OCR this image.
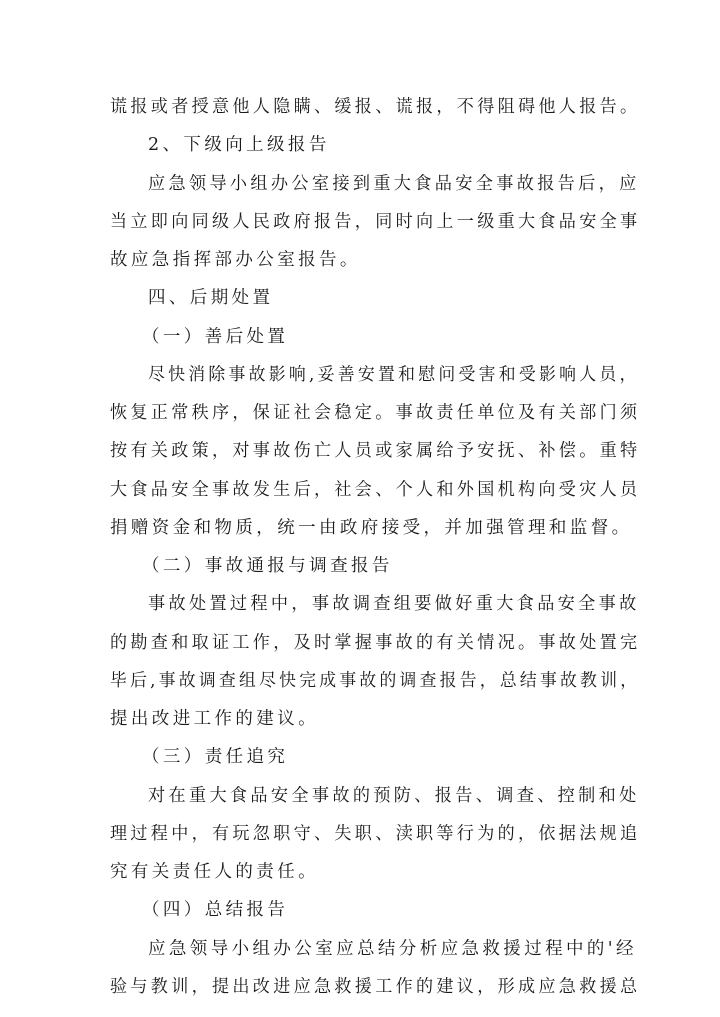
谎报或者授意他人隐瞒、缓报、谎报，不得阻碍他人报告。
2、下级向上级报告
应急领导小组办公室接到重大食品安全事故报告后，应
当立即向同级人民政府报告，同时向上一级重大食品安全事
故应急指挥部办公室报告。
四、后期处置
（一）善后处置
尽快消除事故影响,妥善安置和慰问受害和受影响人员，
恢复正常秩序，保证社会稳定。事故责任单位及有关部门须
按有关政策，对事故伤亡人员或家属给予安抚、补偿。重特
大食品安全事故发生后，社会、个人和外国机构向受灾人员
捐赠资金和物质，统一由政府接受，并加强管理和监督。
（二）事故通报与调查报告
事故处置过程中，事故调查组要做好重大食品安全事故
的勘查和取证工作，及时掌握事故的有关情况。事故处置完
毕后,事故调查组尽快完成事故的调查报告，总结事故教训，
提出改进工作的建议。
（三）责任追究
对在重大食品安全事故的预防、报告、调查、控制和处
理过程中，有玩忽职守、失职、渎职等行为的，依据法规追
究有关责任人的责任。
（四）总结报告
应急领导小组办公室应总结分析应急救援过程中的'经
验与教训，提出改进应急救援工作的建议，形成应急救援总
